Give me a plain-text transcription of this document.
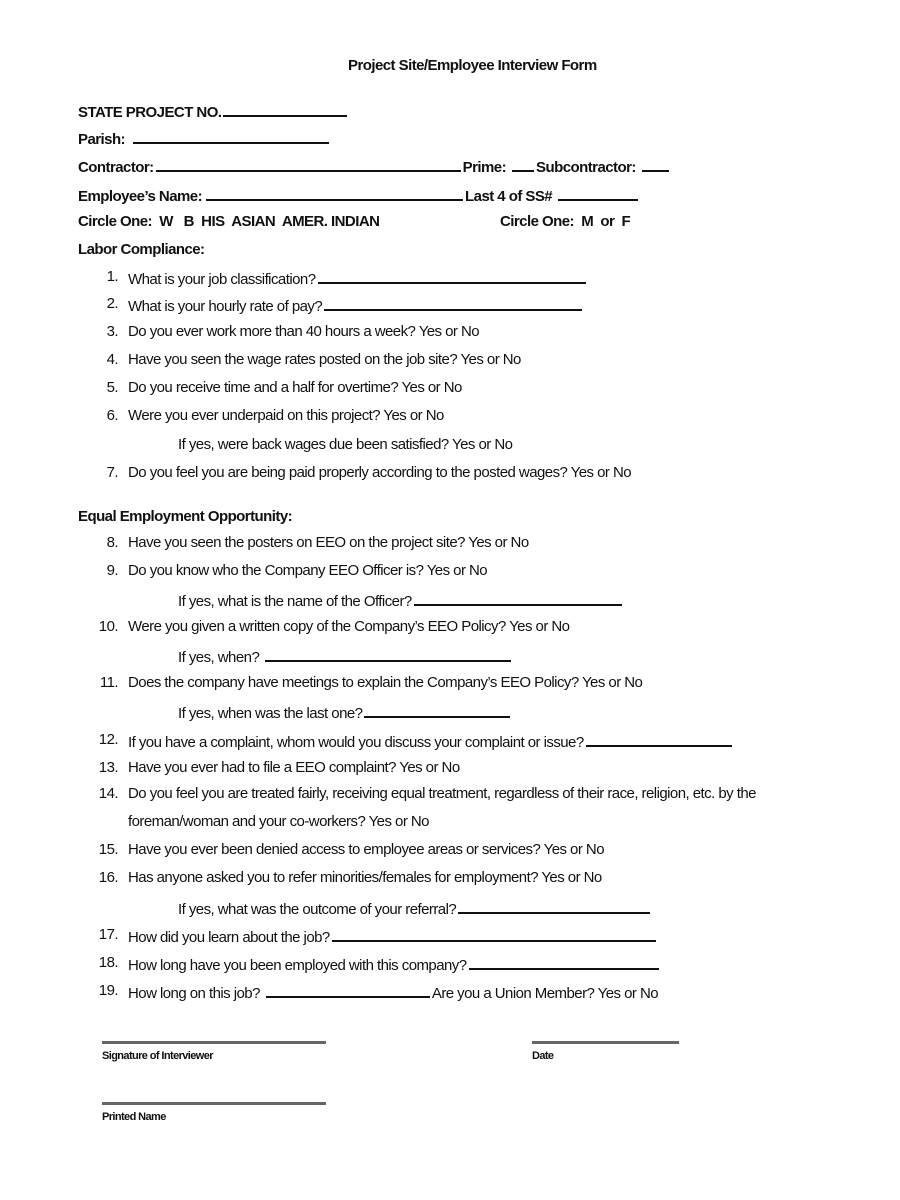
Project Site/Employee Interview Form
STATE PROJECT NO.
Parish:
Contractor:	Prime: Subcontractor:
Employee’s Name:	Last 4 of SS#
Circle One:  W   B  HIS  ASIAN  AMER. INDIAN	Circle One:  M  or  F
Labor Compliance:
1. What is your job classification?
2. What is your hourly rate of pay?
3. Do you ever work more than 40 hours a week? Yes or No
4. Have you seen the wage rates posted on the job site? Yes or No
5. Do you receive time and a half for overtime? Yes or No
6. Were you ever underpaid on this project? Yes or No
If yes, were back wages due been satisfied? Yes or No
7. Do you feel you are being paid properly according to the posted wages? Yes or No
Equal Employment Opportunity:
8. Have you seen the posters on EEO on the project site? Yes or No
9. Do you know who the Company EEO Officer is? Yes or No
If yes, what is the name of the Officer?
10. Were you given a written copy of the Company’s EEO Policy? Yes or No
If yes, when?
11. Does the company have meetings to explain the Company’s EEO Policy? Yes or No
If yes, when was the last one?
12. If you have a complaint, whom would you discuss your complaint or issue?
13. Have you ever had to file a EEO complaint? Yes or No
14. Do you feel you are treated fairly, receiving equal treatment, regardless of their race, religion, etc. by the
foreman/woman and your co-workers? Yes or No
15. Have you ever been denied access to employee areas or services? Yes or No
16. Has anyone asked you to refer minorities/females for employment? Yes or No
If yes, what was the outcome of your referral?
17. How did you learn about the job?
18. How long have you been employed with this company?
19. How long on this job?	Are you a Union Member? Yes or No
Signature of Interviewer	Date
Printed Name
